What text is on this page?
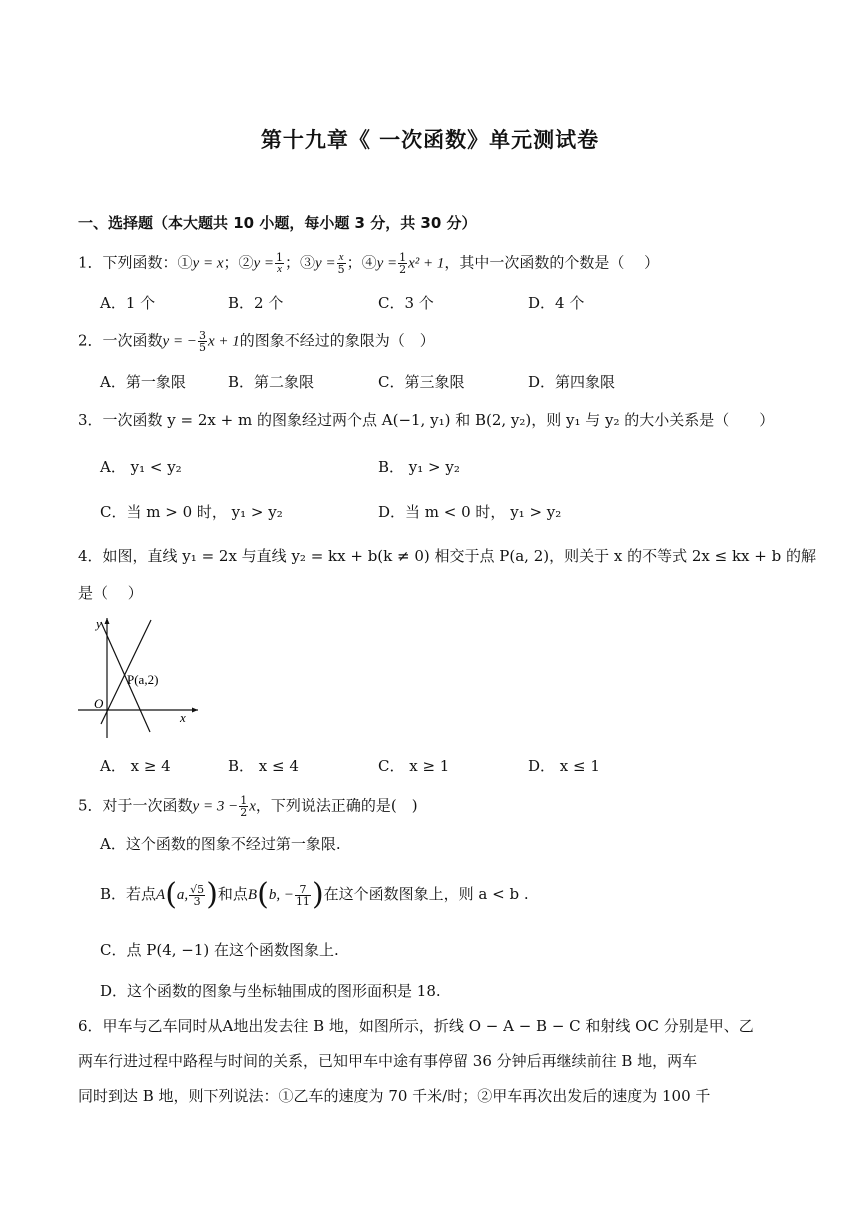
第十九章《 一次函数》单元测试卷
一、选择题（本大题共 10 小题，每小题 3 分，共 30 分）
1．下列函数：①y = x；②y = $\frac{1}{x}$ ；③y = $\frac{x}{5}$ ；④y = $\frac{1}{2} x^2 + 1$，其中一次函数的个数是（　 ）
A．1 个	B．2 个	C．3 个	D．4 个
2．一次函数y = − $\frac{3}{5}$ x + 1的图象不经过的象限为（　）
A．第一象限	B．第二象限	C．第三象限	D．第四象限
3．一次函数 y = 2x + m 的图象经过两个点 A(−1, y₁) 和 B(2, y₂)，则 y₁ 与 y₂ 的大小关系是（　　）
A． y₁ < y₂	B． y₁ > y₂
C．当 m > 0 时， y₁ > y₂	D．当 m < 0 时， y₁ > y₂
4．如图，直线 y₁ = 2x 与直线 y₂ = kx + b(k ≠ 0) 相交于点 P(a, 2)，则关于 x 的不等式 2x ≤ kx + b 的解
是（　 ）
y
x
O
P(a,2)
A． x ≥ 4	B． x ≤ 4	C． x ≥ 1	D． x ≤ 1
5．对于一次函数$y = 3 - \frac{1}{2}$ x，下列说法正确的是(　)
A．这个函数的图象不经过第一象限.
B．若点A(a, $\frac{√5}{3}$ )和点B(b, − $\frac{7}{11}$ )在这个函数图象上，则 a < b .
C．点 P(4, −1) 在这个函数图象上.
D．这个函数的图象与坐标轴围成的图形面积是 18.
6．甲车与乙车同时从A地出发去往 B 地，如图所示，折线 O − A − B − C 和射线 OC 分别是甲、乙
两车行进过程中路程与时间的关系，已知甲车中途有事停留 36 分钟后再继续前往 B 地，两车
同时到达 B 地，则下列说法：①乙车的速度为 70 千米/时；②甲车再次出发后的速度为 100 千
